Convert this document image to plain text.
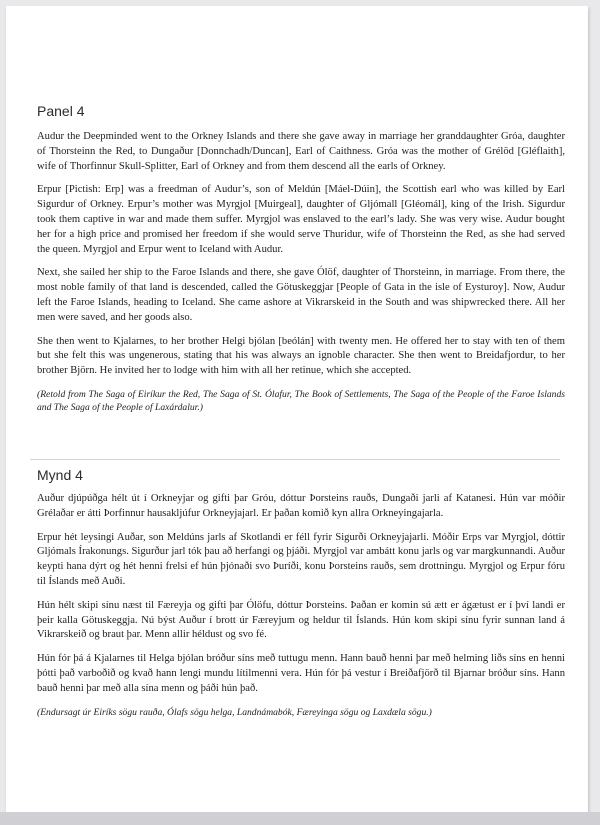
Panel 4

Audur the Deepminded went to the Orkney Islands and there she gave away in marriage her granddaughter Gróa, daughter of Thorsteinn the Red, to Dungaður [Donnchadh/Duncan], Earl of Caithness. Gróa was the mother of Grélöd [Gléflaith], wife of Thorfinnur Skull-Splitter, Earl of Orkney and from them descend all the earls of Orkney.

Erpur [Pictish: Erp] was a freedman of Audur’s, son of Meldún [Máel-Dúin], the Scottish earl who was killed by Earl Sigurdur of Orkney. Erpur’s mother was Myrgjol [Muirgeal], daughter of Gljómall [Gléomál], king of the Irish. Sigurdur took them captive in war and made them suffer. Myrgjol was enslaved to the earl’s lady. She was very wise. Audur bought her for a high price and promised her freedom if she would serve Thuridur, wife of Thorsteinn the Red, as she had served the queen. Myrgjol and Erpur went to Iceland with Audur.

Next, she sailed her ship to the Faroe Islands and there, she gave Ólöf, daughter of Thorsteinn, in marriage. From there, the most noble family of that land is descended, called the Götuskeggjar [People of Gata in the isle of Eysturoy]. Now, Audur left the Faroe Islands, heading to Iceland. She came ashore at Vikrarskeid in the South and was shipwrecked there. All her men were saved, and her goods also.

She then went to Kjalarnes, to her brother Helgi bjólan [beólán] with twenty men. He offered her to stay with ten of them but she felt this was ungenerous, stating that his was always an ignoble character. She then went to Breidafjordur, to her brother Björn. He invited her to lodge with him with all her retinue, which she accepted.

(Retold from The Saga of Eiríkur the Red, The Saga of St. Ólafur, The Book of Settlements, The Saga of the People of the Faroe Islands and The Saga of the People of Laxárdalur.)

Mynd 4

Auður djúpúðga hélt út í Orkneyjar og gifti þar Gróu, dóttur Þorsteins rauðs, Dungaði jarli af Katanesi. Hún var móðir Grélaðar er átti Þorfinnur hausakljúfur Orkneyjajarl. Er þaðan komið kyn allra Orkneyingajarla.

Erpur hét leysingi Auðar, son Meldúns jarls af Skotlandi er féll fyrir Sigurði Orkneyjajarli. Móðir Erps var Myrgjol, dóttir Gljómals Írakonungs. Sigurður jarl tók þau að herfangi og þjáði. Myrgjol var ambátt konu jarls og var margkunnandi. Auður keypti hana dýrt og hét henni frelsi ef hún þjónaði svo Þuríði, konu Þorsteins rauðs, sem drottningu. Myrgjol og Erpur fóru til Íslands með Auði.

Hún hélt skipi sínu næst til Færeyja og gifti þar Ólöfu, dóttur Þorsteins. Þaðan er komin sú ætt er ágætust er í því landi er þeir kalla Götuskeggja. Nú býst Auður í brott úr Færeyjum og heldur til Íslands. Hún kom skipi sínu fyrir sunnan land á Vikrarskeið og braut þar. Menn allir héldust og svo fé.

Hún fór þá á Kjalarnes til Helga bjólan bróður síns með tuttugu menn. Hann bauð henni þar með helming liðs síns en henni þótti það varboðið og kvað hann lengi mundu lítilmenni vera. Hún fór þá vestur í Breiðafjörð til Bjarnar bróður síns. Hann bauð henni þar með alla sína menn og þáði hún það.

(Endursagt úr Eiríks sögu rauða, Ólafs sögu helga, Landnámabók, Færeyinga sögu og Laxdæla sögu.)
